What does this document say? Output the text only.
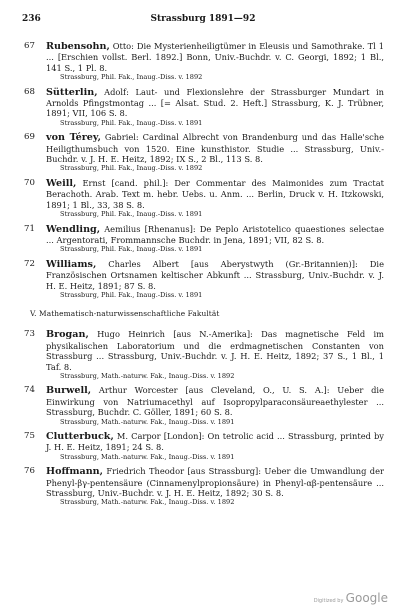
236	Strassburg 1891—92
67 Rubensohn, Otto: Die Mysterienheiligtümer in Eleusis und Samothrake. Tl 1 ... [Erschien vollst. Berl. 1892.] Bonn, Univ.-Buchdr. v. C. Georgi, 1892; 1 Bl., 141 S., 1 Pl. 8.

Strassburg, Phil. Fak., Inaug.-Diss. v. 1892

68 Sütterlin, Adolf: Laut- und Flexionslehre der Strassburger Mundart in Arnolds Pfingstmontag ... [= Alsat. Stud. 2. Heft.] Strassburg, K. J. Trübner, 1891; VII, 106 S. 8.

Strassburg, Phil. Fak., Inaug.-Diss. v. 1891

69 von Térey, Gabriel: Cardinal Albrecht von Brandenburg und das Halle'sche Heiligthumsbuch von 1520. Eine kunsthistor. Studie ... Strassburg, Univ.-Buchdr. v. J. H. E. Heitz, 1892; IX S., 2 Bl., 113 S. 8.

Strassburg, Phil. Fak., Inaug.-Diss. v. 1892

70 Weill, Ernst [cand. phil.]: Der Commentar des Maimonides zum Tractat Berachoth. Arab. Text m. hebr. Uebs. u. Anm. ... Berlin, Druck v. H. Itzkowski, 1891; 1 Bl., 33, 38 S. 8.

Strassburg, Phil. Fak., Inaug.-Diss. v. 1891

71 Wendling, Aemilius [Rhenanus]: De Peplo Aristotelico quaestiones selectae ... Argentorati, Frommannsche Buchdr. in Jena, 1891; VII, 82 S. 8.

Strassburg, Phil. Fak., Inaug.-Diss. v. 1891

72 Williams, Charles Albert [aus Aberystwyth (Gr.-Britannien)]: Die Französischen Ortsnamen keltischer Abkunft ... Strassburg, Univ.-Buchdr. v. J. H. E. Heitz, 1891; 87 S. 8.

Strassburg, Phil. Fak., Inaug.-Diss. v. 1891

V. Mathematisch-naturwissenschaftliche Fakultät
73 Brogan, Hugo Heinrich [aus N.-Amerika]: Das magnetische Feld im physikalischen Laboratorium und die erdmagnetischen Constanten von Strassburg ... Strassburg, Univ.-Buchdr. v. J. H. E. Heitz, 1892; 37 S., 1 Bl., 1 Taf. 8.

Strassburg, Math.-naturw. Fak., Inaug.-Diss. v. 1892

74 Burwell, Arthur Worcester [aus Cleveland, O., U. S. A.]: Ueber die Einwirkung von Natriumacethyl auf Isopropylparaconsäureaethylester ... Strassburg, Buchdr. C. Göller, 1891; 60 S. 8.

Strassburg, Math.-naturw. Fak., Inaug.-Diss. v. 1891

75 Clutterbuck, M. Carpor [London]: On tetrolic acid ... Strassburg, printed by J. H. E. Heitz, 1891; 24 S. 8.

Strassburg, Math.-naturw. Fak., Inaug.-Diss. v. 1891

76 Hoffmann, Friedrich Theodor [aus Strassburg]: Ueber die Umwandlung der Phenyl-βγ-pentensäure (Cinnamenylpropionsäure) in Phenyl-αβ-pentensäure ... Strassburg, Univ.-Buchdr. v. J. H. E. Heitz, 1892; 30 S. 8.

Strassburg, Math.-naturw. Fak., Inaug.-Diss. v. 1892

Digitized by Google
